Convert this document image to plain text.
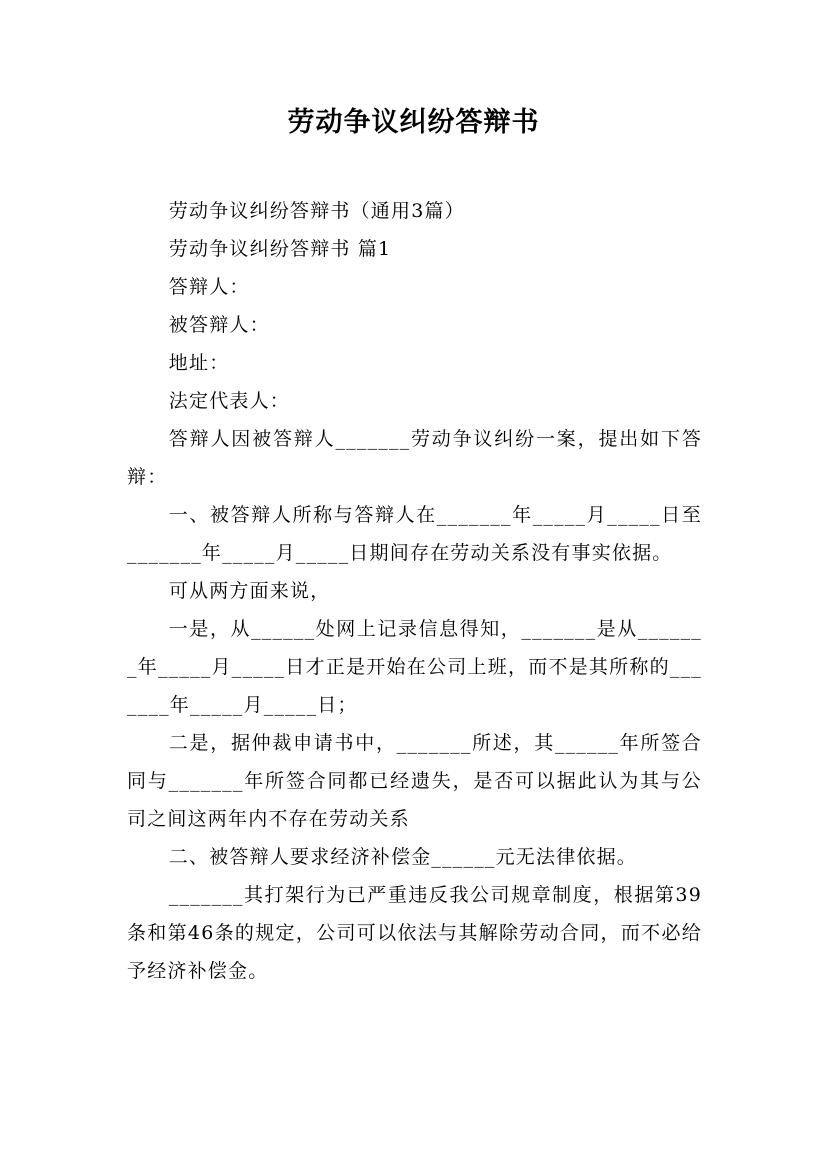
劳动争议纠纷答辩书

劳动争议纠纷答辩书（通用3篇）

劳动争议纠纷答辩书 篇1

答辩人：

被答辩人：

地址：

法定代表人：

答辩人因被答辩人_______劳动争议纠纷一案，提出如下答辩：

一、被答辩人所称与答辩人在_______年_____月_____日至_______年_____月_____日期间存在劳动关系没有事实依据。

可从两方面来说，

一是，从______处网上记录信息得知，_______是从_______年_____月_____日才正是开始在公司上班，而不是其所称的_______年_____月_____日；

二是，据仲裁申请书中，_______所述，其______年所签合同与_______年所签合同都已经遗失，是否可以据此认为其与公司之间这两年内不存在劳动关系

二、被答辩人要求经济补偿金______元无法律依据。

_______其打架行为已严重违反我公司规章制度，根据第39条和第46条的规定，公司可以依法与其解除劳动合同，而不必给予经济补偿金。
